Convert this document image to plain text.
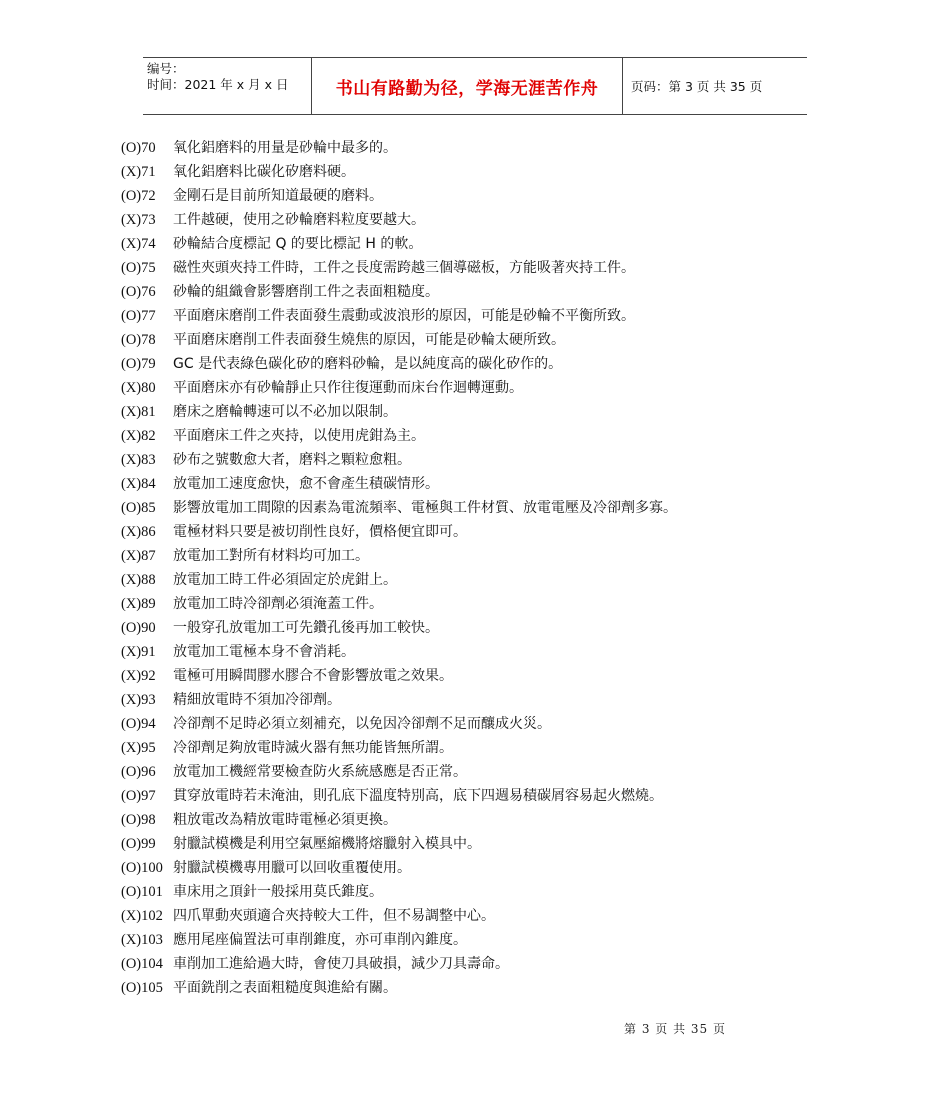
编号：
时间：2021 年 x 月 x 日	书山有路勤为径，学海无涯苦作舟	页码：第 3 页 共 35 页
(O)70	氧化鋁磨料的用量是砂輪中最多的。
(X)71	氧化鋁磨料比碳化矽磨料硬。
(O)72	金剛石是目前所知道最硬的磨料。
(X)73	工件越硬，使用之砂輪磨料粒度要越大。
(X)74	砂輪結合度標記 Q 的要比標記 H 的軟。
(O)75	磁性夾頭夾持工件時，工件之長度需跨越三個導磁板，方能吸著夾持工件。
(O)76	砂輪的組織會影響磨削工件之表面粗糙度。
(O)77	平面磨床磨削工件表面發生震動或波浪形的原因，可能是砂輪不平衡所致。
(O)78	平面磨床磨削工件表面發生燒焦的原因，可能是砂輪太硬所致。
(O)79	GC 是代表綠色碳化矽的磨料砂輪，是以純度高的碳化矽作的。
(X)80	平面磨床亦有砂輪靜止只作往復運動而床台作迴轉運動。
(X)81	磨床之磨輪轉速可以不必加以限制。
(X)82	平面磨床工件之夾持，以使用虎鉗為主。
(X)83	砂布之號數愈大者，磨料之顆粒愈粗。
(X)84	放電加工速度愈快，愈不會產生積碳情形。
(O)85	影響放電加工間隙的因素為電流頻率、電極與工件材質、放電電壓及冷卻劑多寡。
(X)86	電極材料只要是被切削性良好，價格便宜即可。
(X)87	放電加工對所有材料均可加工。
(X)88	放電加工時工件必須固定於虎鉗上。
(X)89	放電加工時冷卻劑必須淹蓋工件。
(O)90	一般穿孔放電加工可先鑽孔後再加工較快。
(X)91	放電加工電極本身不會消耗。
(X)92	電極可用瞬間膠水膠合不會影響放電之效果。
(X)93	精細放電時不須加冷卻劑。
(O)94	冷卻劑不足時必須立刻補充，以免因冷卻劑不足而釀成火災。
(X)95	冷卻劑足夠放電時滅火器有無功能皆無所謂。
(O)96	放電加工機經常要檢查防火系統感應是否正常。
(O)97	貫穿放電時若未淹油，則孔底下溫度特別高，底下四週易積碳屑容易起火燃燒。
(O)98	粗放電改為精放電時電極必須更換。
(O)99	射臘試模機是利用空氣壓縮機將熔臘射入模具中。
(O)100 射臘試模機專用臘可以回收重覆使用。
(O)101 車床用之頂針一般採用莫氏錐度。
(X)102 四爪單動夾頭適合夾持較大工件，但不易調整中心。
(X)103 應用尾座偏置法可車削錐度，亦可車削內錐度。
(O)104 車削加工進給過大時，會使刀具破損，減少刀具壽命。
(O)105 平面銑削之表面粗糙度與進給有關。
第 3 页 共 35 页
